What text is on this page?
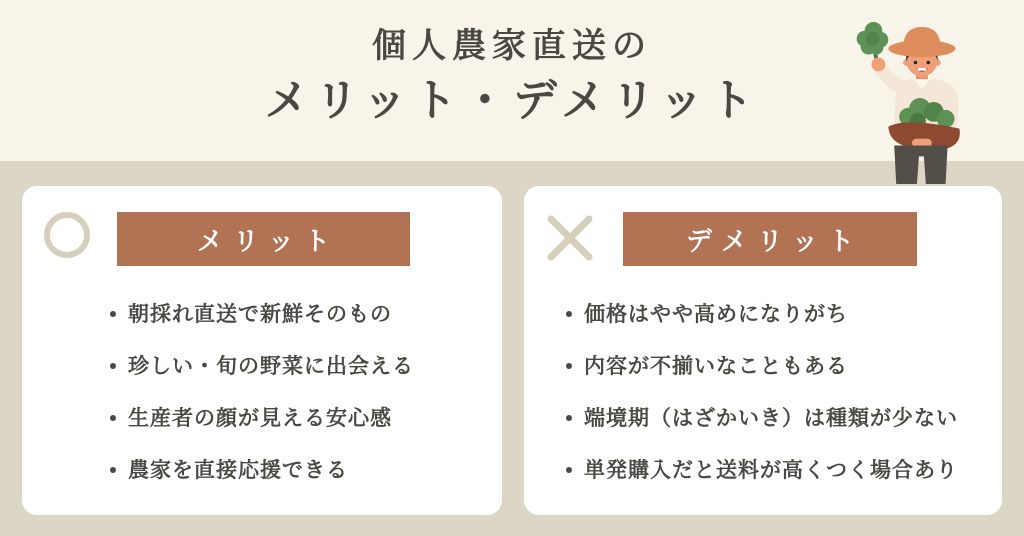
個人農家直送の
メリット・デメリット
メリット
朝採れ直送で新鮮そのもの
珍しい・旬の野菜に出会える
生産者の顔が見える安心感
農家を直接応援できる
デメリット
価格はやや高めになりがち
内容が不揃いなこともある
端境期（はざかいき）は種類が少ない
単発購入だと送料が高くつく場合あり
